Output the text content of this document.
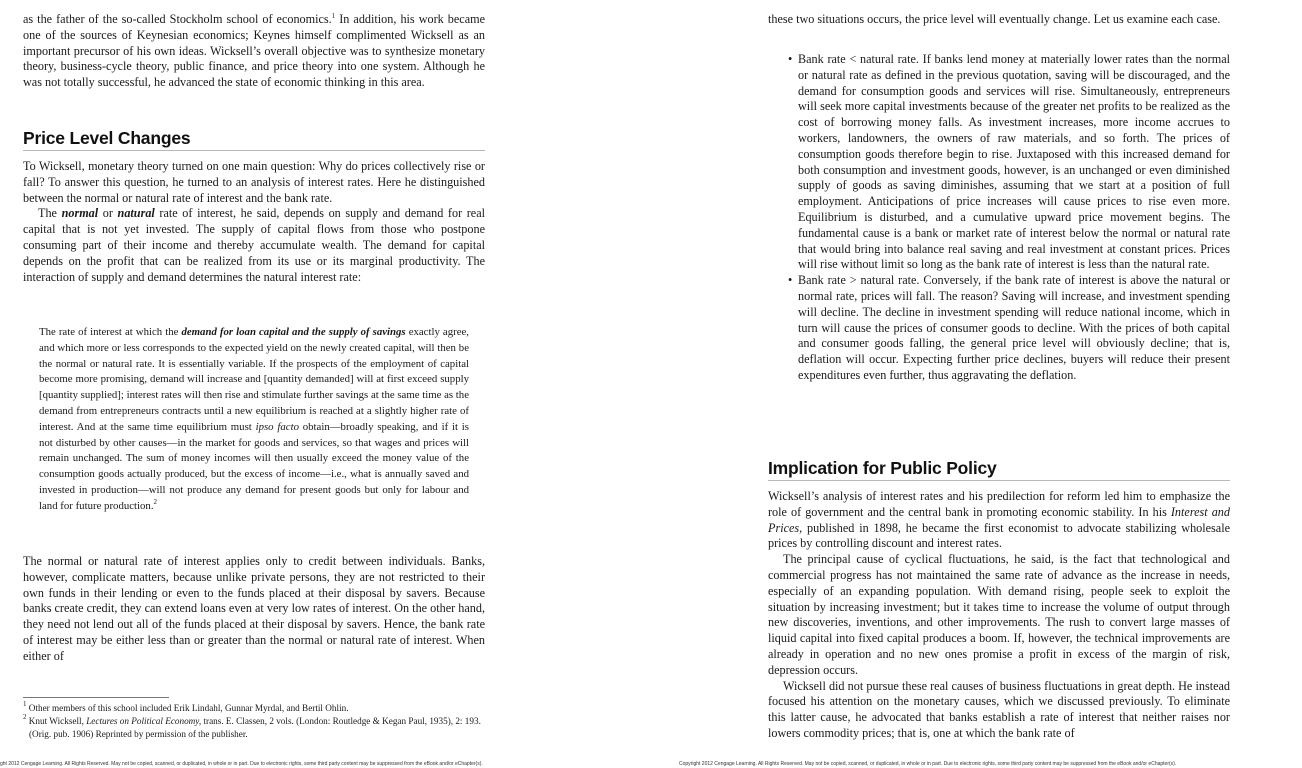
as the father of the so-called Stockholm school of economics.$^1$ In addition, his work became one of the sources of Keynesian economics; Keynes himself complimented Wicksell as an important precursor of his own ideas. Wicksell’s overall objective was to synthesize monetary theory, business-cycle theory, public finance, and price theory into one system. Although he was not totally successful, he advanced the state of economic thinking in this area.

Price Level Changes

To Wicksell, monetary theory turned on one main question: Why do prices collectively rise or fall? To answer this question, he turned to an analysis of interest rates. Here he distinguished between the normal or natural rate of interest and the bank rate.

The normal or natural rate of interest, he said, depends on supply and demand for real capital that is not yet invested. The supply of capital flows from those who postpone consuming part of their income and thereby accumulate wealth. The demand for capital depends on the profit that can be realized from its use or its marginal productivity. The interaction of supply and demand determines the natural interest rate:

The rate of interest at which the demand for loan capital and the supply of savings exactly agree, and which more or less corresponds to the expected yield on the newly created capital, will then be the normal or natural rate. It is essentially variable. If the prospects of the employment of capital become more promising, demand will increase and [quantity demanded] will at first exceed supply [quantity supplied]; interest rates will then rise and stimulate further savings at the same time as the demand from entrepreneurs contracts until a new equilibrium is reached at a slightly higher rate of interest. And at the same time equilibrium must ipso facto obtain—broadly speaking, and if it is not disturbed by other causes—in the market for goods and services, so that wages and prices will remain unchanged. The sum of money incomes will then usually exceed the money value of the consumption goods actually produced, but the excess of income—i.e., what is annually saved and invested in production—will not produce any demand for present goods but only for labour and land for future production.$^2$

The normal or natural rate of interest applies only to credit between individuals. Banks, however, complicate matters, because unlike private persons, they are not restricted to their own funds in their lending or even to the funds placed at their disposal by savers. Because banks create credit, they can extend loans even at very low rates of interest. On the other hand, they need not lend out all of the funds placed at their disposal by savers. Hence, the bank rate of interest may be either less than or greater than the normal or natural rate of interest. When either of

$^1$ Other members of this school included Erik Lindahl, Gunnar Myrdal, and Bertil Ohlin.

$^2$ Knut Wicksell, Lectures on Political Economy, trans. E. Classen, 2 vols. (London: Routledge & Kegan Paul, 1935), 2: 193. (Orig. pub. 1906) Reprinted by permission of the publisher.

ght 2012 Cengage Learning. All Rights Reserved. May not be copied, scanned, or duplicated, in whole or in part. Due to electronic rights, some third party content may be suppressed from the eBook and/or eChapter(s).

these two situations occurs, the price level will eventually change. Let us examine each case.

• Bank rate < natural rate. If banks lend money at materially lower rates than the normal or natural rate as defined in the previous quotation, saving will be discouraged, and the demand for consumption goods and services will rise. Simultaneously, entrepreneurs will seek more capital investments because of the greater net profits to be realized as the cost of borrowing money falls. As investment increases, more income accrues to workers, landowners, the owners of raw materials, and so forth. The prices of consumption goods therefore begin to rise. Juxtaposed with this increased demand for both consumption and investment goods, however, is an unchanged or even diminished supply of goods as saving diminishes, assuming that we start at a position of full employment. Anticipations of price increases will cause prices to rise even more. Equilibrium is disturbed, and a cumulative upward price movement begins. The fundamental cause is a bank or market rate of interest below the normal or natural rate that would bring into balance real saving and real investment at constant prices. Prices will rise without limit so long as the bank rate of interest is less than the natural rate.
• Bank rate > natural rate. Conversely, if the bank rate of interest is above the natural or normal rate, prices will fall. The reason? Saving will increase, and investment spending will decline. The decline in investment spending will reduce national income, which in turn will cause the prices of consumer goods to decline. With the prices of both capital and consumer goods falling, the general price level will obviously decline; that is, deflation will occur. Expecting further price declines, buyers will reduce their present expenditures even further, thus aggravating the deflation.
Implication for Public Policy

Wicksell’s analysis of interest rates and his predilection for reform led him to emphasize the role of government and the central bank in promoting economic stability. In his Interest and Prices, published in 1898, he became the first economist to advocate stabilizing wholesale prices by controlling discount and interest rates.

The principal cause of cyclical fluctuations, he said, is the fact that technological and commercial progress has not maintained the same rate of advance as the increase in needs, especially of an expanding population. With demand rising, people seek to exploit the situation by increasing investment; but it takes time to increase the volume of output through new discoveries, inventions, and other improvements. The rush to convert large masses of liquid capital into fixed capital produces a boom. If, however, the technical improvements are already in operation and no new ones promise a profit in excess of the margin of risk, depression occurs.

Wicksell did not pursue these real causes of business fluctuations in great depth. He instead focused his attention on the monetary causes, which we discussed previously. To eliminate this latter cause, he advocated that banks establish a rate of interest that neither raises nor lowers commodity prices; that is, one at which the bank rate of

Copyright 2012 Cengage Learning. All Rights Reserved. May not be copied, scanned, or duplicated, in whole or in part. Due to electronic rights, some third party content may be suppressed from the eBook and/or eChapter(s).
